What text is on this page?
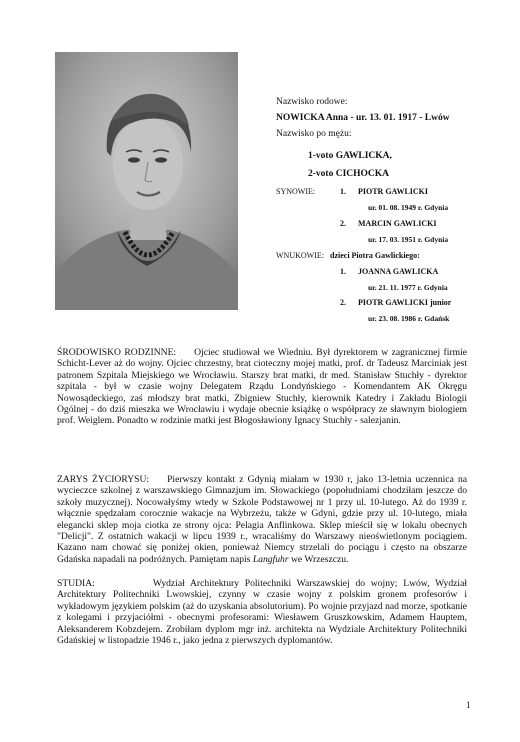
Nazwisko rodowe:
NOWICKA Anna - ur. 13. 01. 1917 - Lwów
Nazwisko po mężu:
1-voto GAWLICKA,
2-voto CICHOCKA
SYNOWIE:	1. PIOTR GAWLICKI
ur. 01. 08. 1949 r. Gdynia
2. MARCIN GAWLICKI
ur. 17. 03. 1951 r. Gdynia
WNUKOWIE: dzieci Piotra Gawlickiego:
1. JOANNA GAWLICKA
ur. 21. 11. 1977 r. Gdynia
2. PIOTR GAWLICKI junior
ur. 23. 08. 1986 r. Gdańsk
ŚRODOWISKO RODZINNE: Ojciec studiował we Wiedniu. Był dyrektorem w zagranicznej firmie Schicht-Lever aż do wojny. Ojciec chrzestny, brat cioteczny mojej matki, prof. dr Tadeusz Marciniak jest patronem Szpitala Miejskiego we Wrocławiu. Starszy brat matki, dr med. Stanisław Stuchły - dyrektor szpitala - był w czasie wojny Delegatem Rządu Londyńskiego - Komendantem AK Okręgu Nowosądeckiego, zaś młodszy brat matki, Zbigniew Stuchły, kierownik Katedry i Zakładu Biologii Ogólnej - do dziś mieszka we Wrocławiu i wydaje obecnie książkę o współpracy ze sławnym biologiem prof. Weiglem. Ponadto w rodzinie matki jest Błogosławiony Ignacy Stuchły - salezjanin.
ZARYS ŻYCIORYSU: Pierwszy kontakt z Gdynią miałam w 1930 r, jako 13-letnia uczennica na wycieczce szkolnej z warszawskiego Gimnazjum im. Słowackiego (popołudniami chodziłam jeszcze do szkoły muzycznej). Nocowałyśmy wtedy w Szkole Podstawowej nr 1 przy ul. 10-lutego. Aż do 1939 r. włącznie spędzałam corocznie wakacje na Wybrzeżu, także w Gdyni, gdzie przy ul. 10-lutego, miała elegancki sklep moja ciotka ze strony ojca: Pelagia Anflinkowa. Sklep mieścił się w lokalu obecnych "Delicji". Z ostatnich wakacji w lipcu 1939 r., wracaliśmy do Warszawy nieoświetlonym pociągiem. Kazano nam chować się poniżej okien, ponieważ Niemcy strzelali do pociągu i często na obszarze Gdańska napadali na podróżnych. Pamiętam napis Langfuhr we Wrzeszczu.
STUDIA:	Wydział Architektury Politechniki Warszawskiej do wojny; Lwów, Wydział Architektury Politechniki Lwowskiej, czynny w czasie wojny z polskim gronem profesorów i wykładowym językiem polskim (aż do uzyskania absolutorium). Po wojnie przyjazd nad morze, spotkanie z kolegami i przyjaciółmi - obecnymi profesorami: Wiesławem Gruszkowskim, Adamem Hauptem, Aleksanderem Kobzdejem. Zrobiłam dyplom mgr inż. architekta na Wydziale Architektury Politechniki Gdańskiej w listopadzie 1946 r., jako jedna z pierwszych dyplomantów.
1
